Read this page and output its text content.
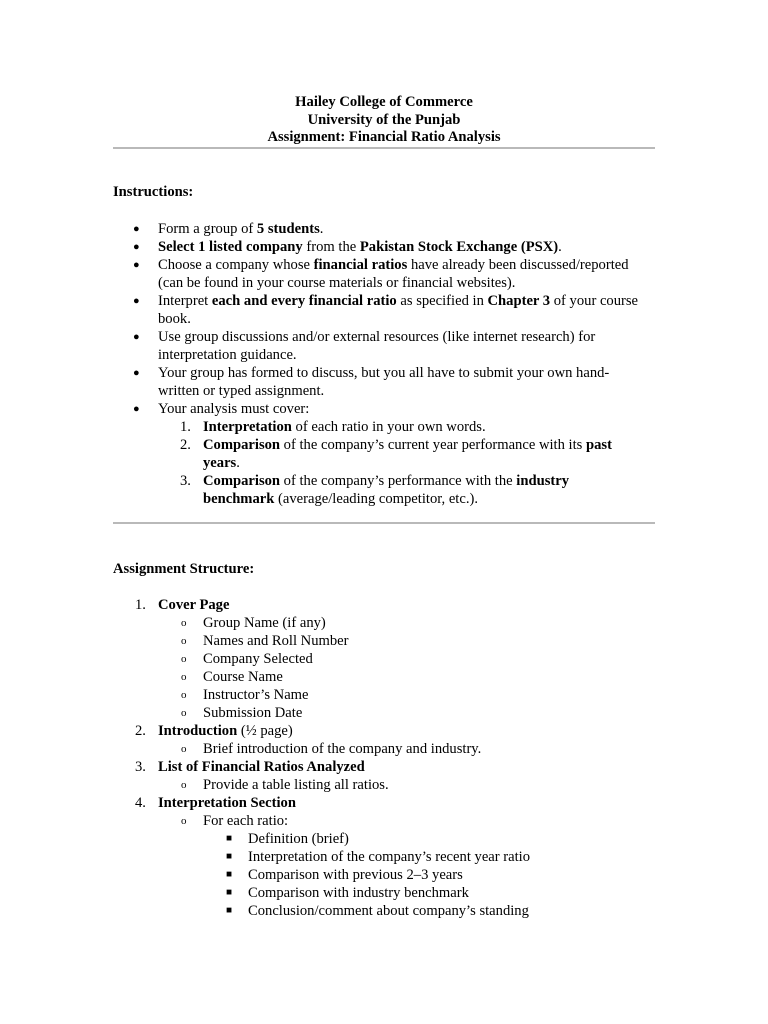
Hailey College of Commerce
University of the Punjab
Assignment: Financial Ratio Analysis
Instructions:
● Form a group of 5 students.
● Select 1 listed company from the Pakistan Stock Exchange (PSX).
● Choose a company whose financial ratios have already been discussed/reported
(can be found in your course materials or financial websites).
● Interpret each and every financial ratio as specified in Chapter 3 of your course
book.
● Use group discussions and/or external resources (like internet research) for
interpretation guidance.
● Your group has formed to discuss, but you all have to submit your own hand-
written or typed assignment.
● Your analysis must cover:
1. Interpretation of each ratio in your own words.
2. Comparison of the company’s current year performance with its past
years.
3. Comparison of the company’s performance with the industry
benchmark (average/leading competitor, etc.).
Assignment Structure:
1. Cover Page
o Group Name (if any)
o Names and Roll Number
o Company Selected
o Course Name
o Instructor’s Name
o Submission Date
2. Introduction (½ page)
o Brief introduction of the company and industry.
3. List of Financial Ratios Analyzed
o Provide a table listing all ratios.
4. Interpretation Section
o For each ratio:
■ Definition (brief)
■ Interpretation of the company’s recent year ratio
■ Comparison with previous 2–3 years
■ Comparison with industry benchmark
■ Conclusion/comment about company’s standing
